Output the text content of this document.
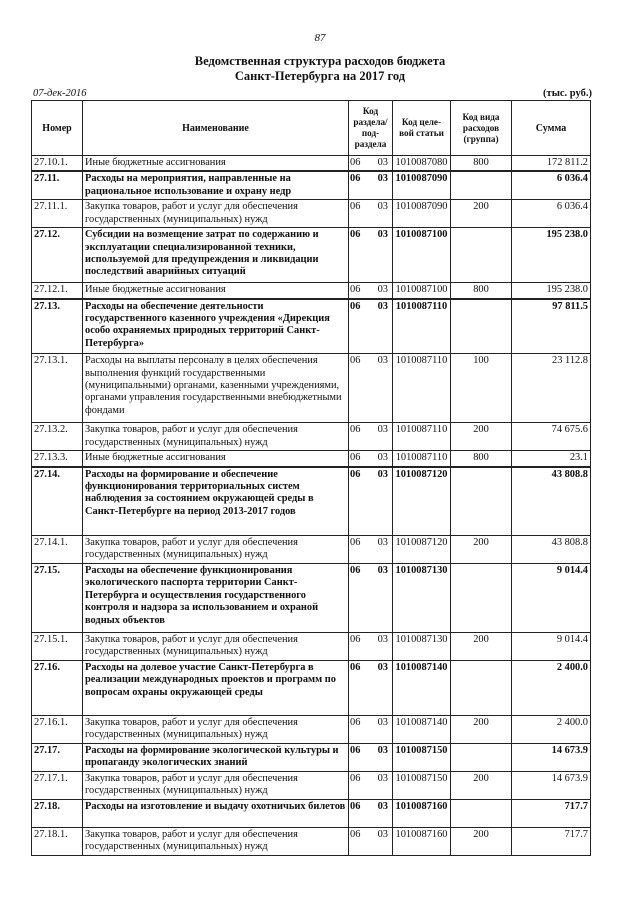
87
Ведомственная структура расходов бюджета
Санкт-Петербурга на 2017 год
07-дек-2016	(тыс. руб.)
Номер	Наименование	Код раздела/ под- раздела	Код целе- вой статьи	Код вида расходов (группа)	Сумма
27.10.1.	Иные бюджетные ассигнования	06 03	1010087080	800	172 811.2
27.11.	Расходы на мероприятия, направленные на рациональное использование и охрану недр	06 03	1010087090		6 036.4
27.11.1.	Закупка товаров, работ и услуг для обеспечения государственных (муниципальных) нужд	06 03	1010087090	200	6 036.4
27.12.	Субсидии на возмещение затрат по содержанию и эксплуатации специализированной техники, используемой для предупреждения и ликвидации последствий аварийных ситуаций	06 03	1010087100		195 238.0
27.12.1.	Иные бюджетные ассигнования	06 03	1010087100	800	195 238.0
27.13.	Расходы на обеспечение деятельности государственного казенного учреждения «Дирекция особо охраняемых природных территорий Санкт-Петербурга»	06 03	1010087110		97 811.5
27.13.1.	Расходы на выплаты персоналу в целях обеспечения выполнения функций государственными (муниципальными) органами, казенными учреждениями, органами управления государственными внебюджетными фондами	06 03	1010087110	100	23 112.8
27.13.2.	Закупка товаров, работ и услуг для обеспечения государственных (муниципальных) нужд	06 03	1010087110	200	74 675.6
27.13.3.	Иные бюджетные ассигнования	06 03	1010087110	800	23.1
27.14.	Расходы на формирование и обеспечение функционирования территориальных систем наблюдения за состоянием окружающей среды в Санкт-Петербурге на период 2013-2017 годов	06 03	1010087120		43 808.8
27.14.1.	Закупка товаров, работ и услуг для обеспечения государственных (муниципальных) нужд	06 03	1010087120	200	43 808.8
27.15.	Расходы на обеспечение функционирования экологического паспорта территории Санкт-Петербурга и осуществления государственного контроля и надзора за использованием и охраной водных объектов	06 03	1010087130		9 014.4
27.15.1.	Закупка товаров, работ и услуг для обеспечения государственных (муниципальных) нужд	06 03	1010087130	200	9 014.4
27.16.	Расходы на долевое участие Санкт-Петербурга в реализации международных проектов и программ по вопросам охраны окружающей среды	06 03	1010087140		2 400.0
27.16.1.	Закупка товаров, работ и услуг для обеспечения государственных (муниципальных) нужд	06 03	1010087140	200	2 400.0
27.17.	Расходы на формирование экологической культуры и пропаганду экологических знаний	06 03	1010087150		14 673.9
27.17.1.	Закупка товаров, работ и услуг для обеспечения государственных (муниципальных) нужд	06 03	1010087150	200	14 673.9
27.18.	Расходы на изготовление и выдачу охотничьих билетов	06 03	1010087160		717.7
27.18.1.	Закупка товаров, работ и услуг для обеспечения государственных (муниципальных) нужд	06 03	1010087160	200	717.7
